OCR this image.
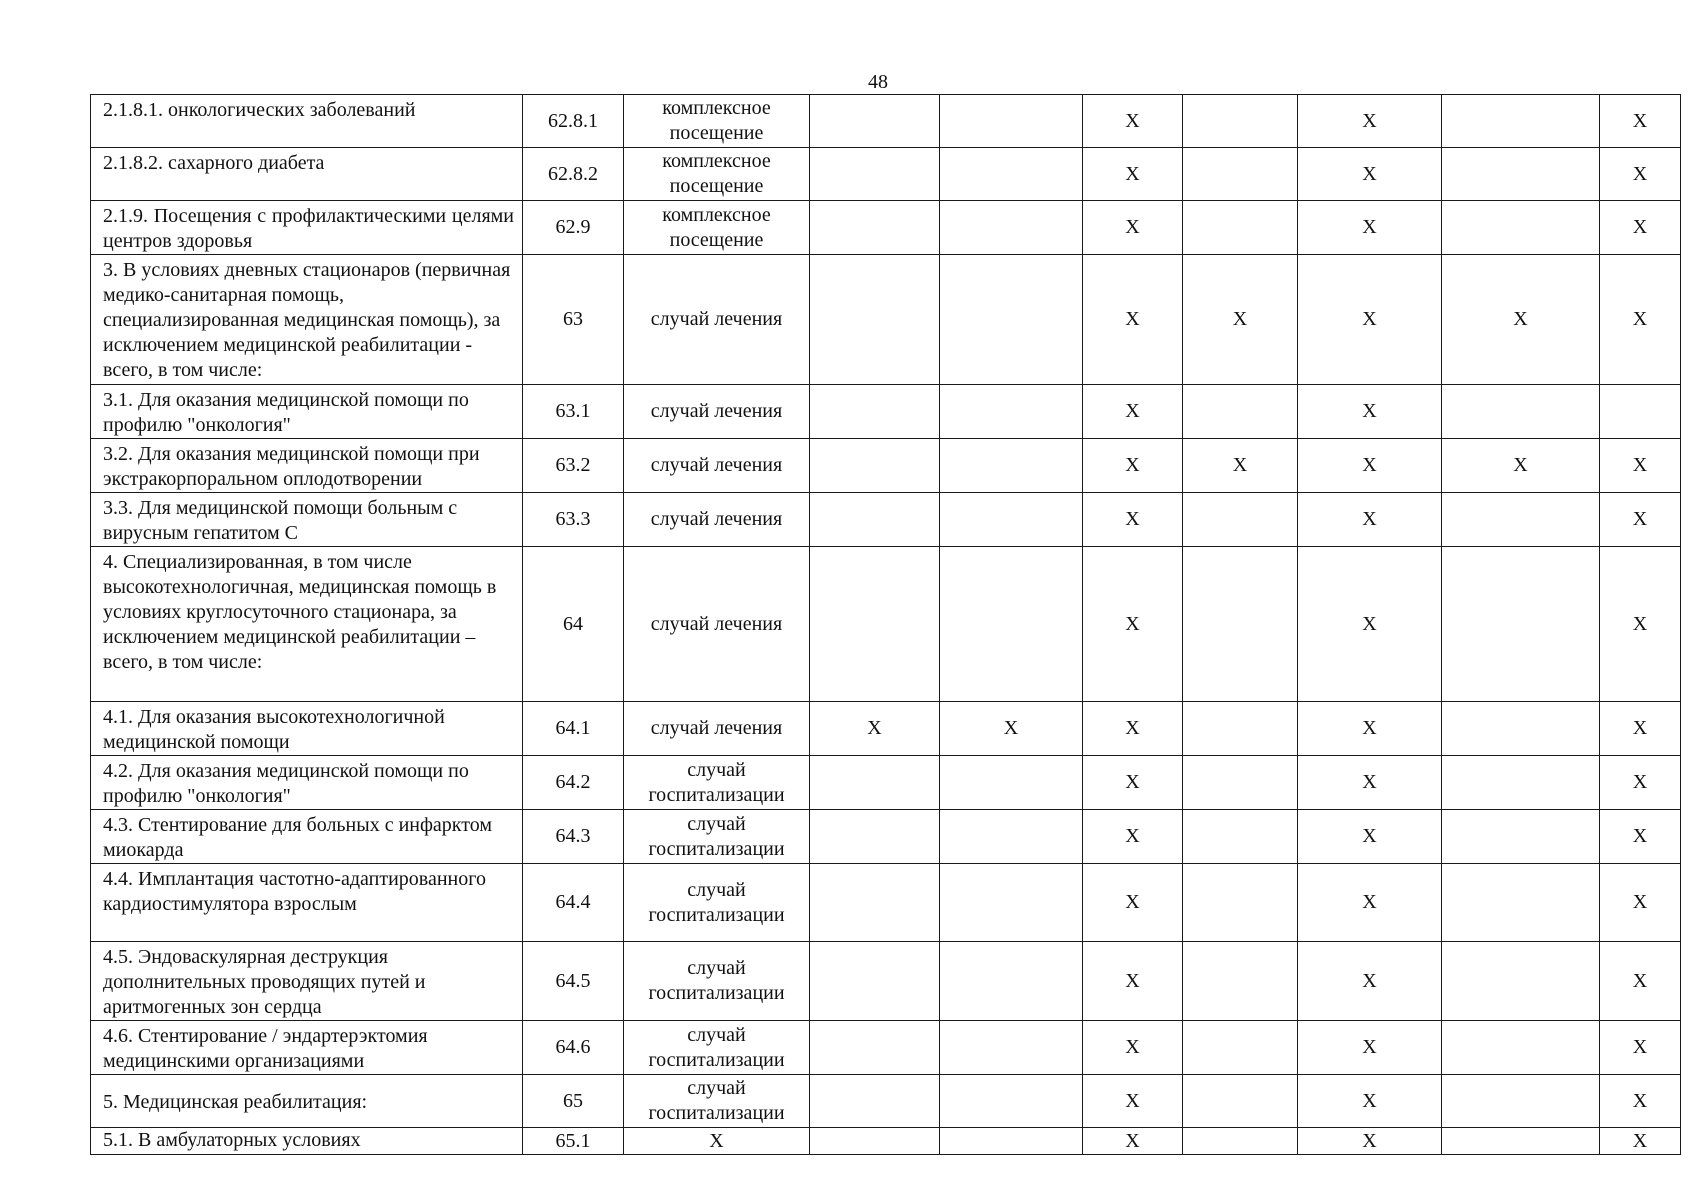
48
2.1.8.1. онкологических заболеваний	62.8.1	комплексное посещение			X		X		X
2.1.8.2. сахарного диабета	62.8.2	комплексное посещение			X		X		X
2.1.9. Посещения с профилактическими целями центров здоровья	62.9	комплексное посещение			X		X		X
3. В условиях дневных стационаров (первичная медико-санитарная помощь, специализированная медицинская помощь), за исключением медицинской реабилитации - всего, в том числе:	63	случай лечения			X	X	X	X	X
3.1. Для оказания медицинской помощи по профилю "онкология"	63.1	случай лечения			X		X		
3.2. Для оказания медицинской помощи при экстракорпоральном оплодотворении	63.2	случай лечения			X	X	X	X	X
3.3. Для медицинской помощи больным с вирусным гепатитом С	63.3	случай лечения			X		X		X
4. Специализированная, в том числе высокотехнологичная, медицинская помощь в условиях круглосуточного стационара, за исключением медицинской реабилитации – всего, в том числе:	64	случай лечения			X		X		X
4.1. Для оказания высокотехнологичной медицинской помощи	64.1	случай лечения	X	X	X		X		X
4.2. Для оказания медицинской помощи по профилю "онкология"	64.2	случай госпитализации			X		X		X
4.3. Стентирование для больных с инфарктом миокарда	64.3	случай госпитализации			X		X		X
4.4. Имплантация частотно-адаптированного кардиостимулятора взрослым	64.4	случай госпитализации			X		X		X
4.5. Эндоваскулярная деструкция дополнительных проводящих путей и аритмогенных зон сердца	64.5	случай госпитализации			X		X		X
4.6. Стентирование / эндартерэктомия медицинскими организациями	64.6	случай госпитализации			X		X		X
5. Медицинская реабилитация:	65	случай госпитализации			X		X		X
5.1. В амбулаторных условиях	65.1	X			X		X		X
